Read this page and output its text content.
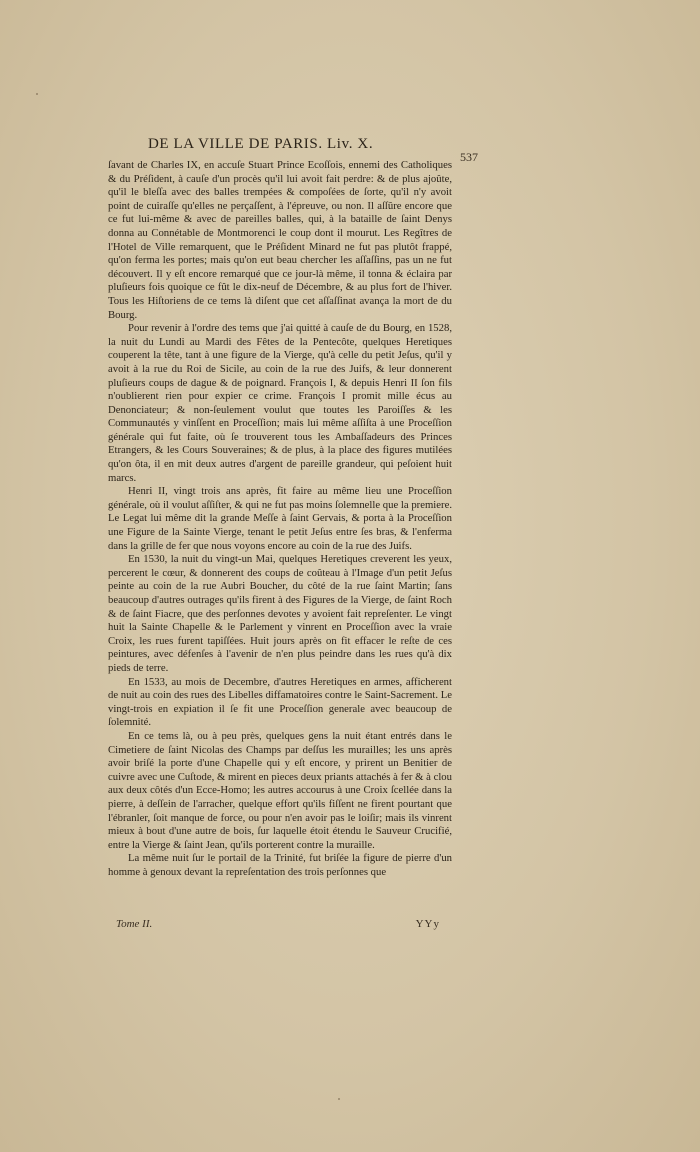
DE LA VILLE DE PARIS. Liv. X.
537

ſavant de Charles IX, en accuſe Stuart Prince Ecoſſois, ennemi des Catholiques & du Préſident, à cauſe d'un procès qu'il lui avoit fait perdre: & de plus ajoûte, qu'il le bleſſa avec des balles trempées & compoſées de ſorte, qu'il n'y avoit point de cuiraſſe qu'elles ne perçaſſent, à l'épreuve, ou non. Il aſſûre encore que ce fut lui-même & avec de pareilles balles, qui, à la bataille de ſaint Denys donna au Connétable de Montmorenci le coup dont il mourut. Les Regîtres de l'Hotel de Ville remarquent, que le Préſident Minard ne fut pas plutôt frappé, qu'on ferma les portes; mais qu'on eut beau chercher les aſſaſſins, pas un ne fut découvert. Il y eſt encore remarqué que ce jour-là même, il tonna & éclaira par pluſieurs fois quoique ce fût le dix-neuf de Décembre, & au plus fort de l'hiver. Tous les Hiſtoriens de ce tems là diſent que cet aſſaſſinat avança la mort de du Bourg.

Pour revenir à l'ordre des tems que j'ai quitté à cauſe de du Bourg, en 1528, la nuit du Lundi au Mardi des Fêtes de la Pentecôte, quelques Heretiques couperent la tête, tant à une figure de la Vierge, qu'à celle du petit Jeſus, qu'il y avoit à la rue du Roi de Sicile, au coin de la rue des Juifs, & leur donnerent pluſieurs coups de dague & de poignard. François I, & depuis Henri II ſon fils n'oublierent rien pour expier ce crime. François I promit mille écus au Denonciateur; & non-ſeulement voulut que toutes les Paroiſſes & les Communautés y vinſſent en Proceſſion; mais lui même aſſiſta à une Proceſſion générale qui fut faite, où ſe trouverent tous les Ambaſſadeurs des Princes Etrangers, & les Cours Souveraines; & de plus, à la place des figures mutilées qu'on ôta, il en mit deux autres d'argent de pareille grandeur, qui peſoient huit marcs.

Henri II, vingt trois ans après, fit faire au même lieu une Proceſſion générale, où il voulut aſſiſter, & qui ne fut pas moins ſolemnelle que la premiere. Le Legat lui même dit la grande Meſſe à ſaint Gervais, & porta à la Proceſſion une Figure de la Sainte Vierge, tenant le petit Jeſus entre ſes bras, & l'enferma dans la grille de fer que nous voyons encore au coin de la rue des Juifs.

En 1530, la nuit du vingt-un Mai, quelques Heretiques creverent les yeux, percerent le cœur, & donnerent des coups de coûteau à l'Image d'un petit Jeſus peinte au coin de la rue Aubri Boucher, du côté de la rue ſaint Martin; ſans beaucoup d'autres outrages qu'ils firent à des Figures de la Vierge, de ſaint Roch & de ſaint Fiacre, que des perſonnes devotes y avoient fait repreſenter. Le vingt huit la Sainte Chapelle & le Parlement y vinrent en Proceſſion avec la vraie Croix, les rues furent tapiſſées. Huit jours après on fit effacer le reſte de ces peintures, avec défenſes à l'avenir de n'en plus peindre dans les rues qu'à dix pieds de terre.

En 1533, au mois de Decembre, d'autres Heretiques en armes, afficherent de nuit au coin des rues des Libelles diffamatoires contre le Saint-Sacrement. Le vingt-trois en expiation il ſe fit une Proceſſion generale avec beaucoup de ſolemnité.

En ce tems là, ou à peu près, quelques gens la nuit étant entrés dans le Cimetiere de ſaint Nicolas des Champs par deſſus les murailles; les uns après avoir briſé la porte d'une Chapelle qui y eſt encore, y prirent un Benitier de cuivre avec une Cuſtode, & mirent en pieces deux priants attachés à fer & à clou aux deux côtés d'un Ecce-Homo; les autres accourus à une Croix ſcellée dans la pierre, à deſſein de l'arracher, quelque effort qu'ils fiſſent ne firent pourtant que l'ébranler, ſoit manque de force, ou pour n'en avoir pas le loiſir; mais ils vinrent mieux à bout d'une autre de bois, ſur laquelle étoit étendu le Sauveur Crucifié, entre la Vierge & ſaint Jean, qu'ils porterent contre la muraille.

La même nuit ſur le portail de la Trinité, fut briſée la figure de pierre d'un homme à genoux devant la repreſentation des trois perſonnes que

Tome II.	YYy
